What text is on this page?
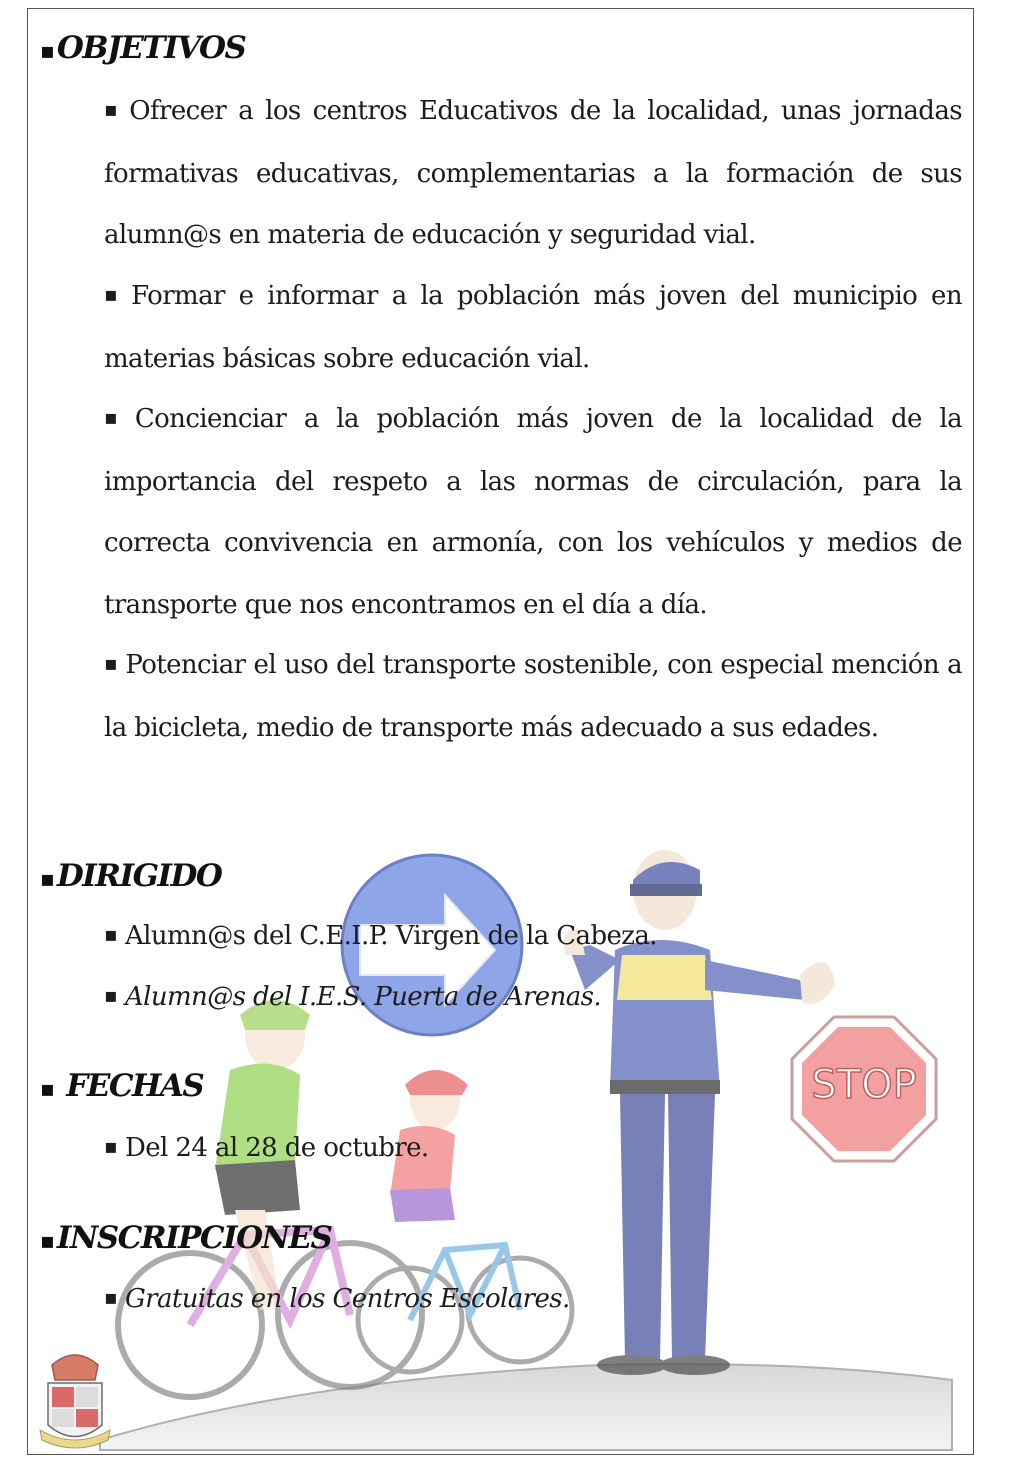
STOP
▪OBJETIVOS
▪ Ofrecer a los centros Educativos de la localidad, unas jornadas formativas educativas, complementarias a la formación de sus alumn@s en materia de educación y seguridad vial.
▪ Formar e informar a la población más joven del municipio en materias básicas sobre educación vial.
▪ Concienciar a la población más joven de la localidad de la importancia del respeto a las normas de circulación, para la correcta convivencia en armonía, con los vehículos y medios de transporte que nos encontramos en el día a día.
▪ Potenciar el uso del transporte sostenible, con especial mención a la bicicleta, medio de transporte más adecuado a sus edades.
▪DIRIGIDO
▪ Alumn@s del C.E.I.P. Virgen de la Cabeza.
▪ Alumn@s del I.E.S. Puerta de Arenas.
▪ FECHAS
▪ Del 24 al 28 de octubre.
▪INSCRIPCIONES
▪ Gratuitas en los Centros Escolares.
